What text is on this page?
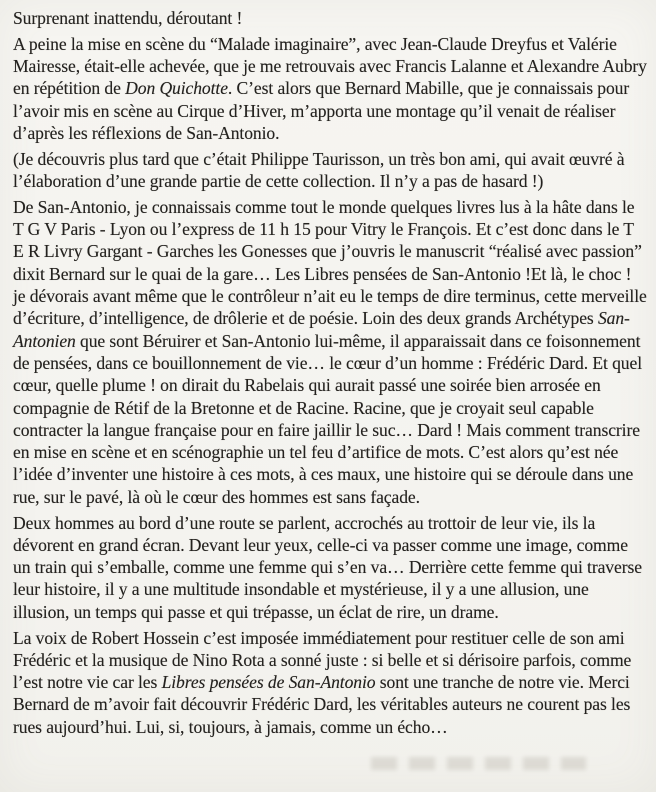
Surprenant inattendu, déroutant !

A peine la mise en scène du “Malade imaginaire”, avec Jean-Claude Dreyfus et Valérie Mairesse, était-elle achevée, que je me retrouvais avec Francis Lalanne et Alexandre Aubry en répétition de Don Quichotte. C’est alors que Bernard Mabille, que je connaissais pour l’avoir mis en scène au Cirque d’Hiver, m’apporta une montage qu’il venait de réaliser d’après les réflexions de San-Antonio.

(Je découvris plus tard que c’était Philippe Taurisson, un très bon ami, qui avait œuvré à l’élaboration d’une grande partie de cette collection. Il n’y a pas de hasard !)

De San-Antonio, je connaissais comme tout le monde quelques livres lus à la hâte dans le T G V Paris - Lyon ou l’express de 11 h 15 pour Vitry le François. Et c’est donc dans le T E R Livry Gargant - Garches les Gonesses que j’ouvris le manuscrit “réalisé avec passion” dixit Bernard sur le quai de la gare… Les Libres pensées de San-Antonio !Et là, le choc ! je dévorais avant même que le contrôleur n’ait eu le temps de dire terminus, cette merveille d’écriture, d’intelligence, de drôlerie et de poésie. Loin des deux grands Archétypes San-Antonien que sont Béruirer et San-Antonio lui-même, il apparaissait dans ce foisonnement de pensées, dans ce bouillonnement de vie… le cœur d’un homme : Frédéric Dard. Et quel cœur, quelle plume ! on dirait du Rabelais qui aurait passé une soirée bien arrosée en compagnie de Rétif de la Bretonne et de Racine. Racine, que je croyait seul capable contracter la langue française pour en faire jaillir le suc… Dard ! Mais comment transcrire en mise en scène et en scénographie un tel feu d’artifice de mots. C’est alors qu’est née l’idée d’inventer une histoire à ces mots, à ces maux, une histoire qui se déroule dans une rue, sur le pavé, là où le cœur des hommes est sans façade.

Deux hommes au bord d’une route se parlent, accrochés au trottoir de leur vie, ils la dévorent en grand écran. Devant leur yeux, celle-ci va passer comme une image, comme un train qui s’emballe, comme une femme qui s’en va… Derrière cette femme qui traverse leur histoire, il y a une multitude insondable et mystérieuse, il y a une allusion, une illusion, un temps qui passe et qui trépasse, un éclat de rire, un drame.

La voix de Robert Hossein c’est imposée immédiatement pour restituer celle de son ami Frédéric et la musique de Nino Rota a sonné juste : si belle et si dérisoire parfois, comme l’est notre vie car les Libres pensées de San-Antonio sont une tranche de notre vie. Merci Bernard de m’avoir fait découvrir Frédéric Dard, les véritables auteurs ne courent pas les rues aujourd’hui. Lui, si, toujours, à jamais, comme un écho…
